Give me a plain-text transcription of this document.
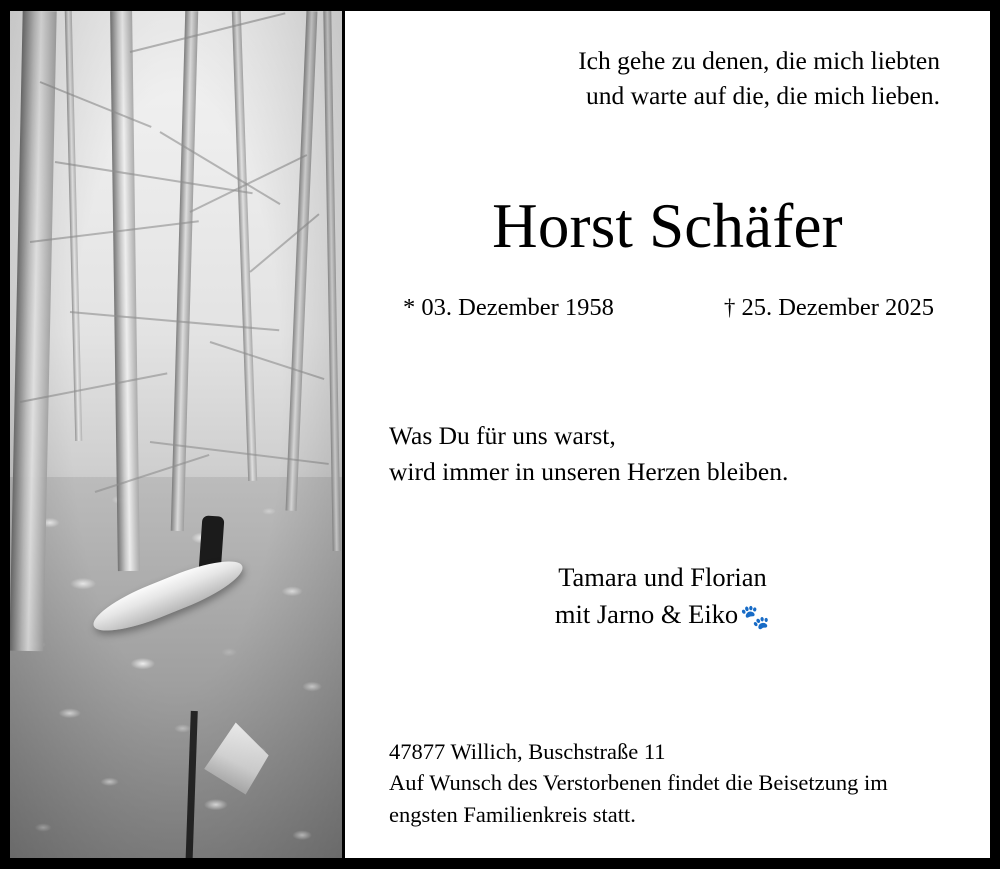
Ich gehe zu denen, die mich liebten
und warte auf die, die mich lieben.
Horst Schäfer
* 03. Dezember 1958	† 25. Dezember 2025
Was Du für uns warst,
wird immer in unseren Herzen bleiben.
Tamara und Florian
mit Jarno & Eiko🐾
47877 Willich, Buschstraße 11
Auf Wunsch des Verstorbenen findet die Beisetzung im
engsten Familienkreis statt.
